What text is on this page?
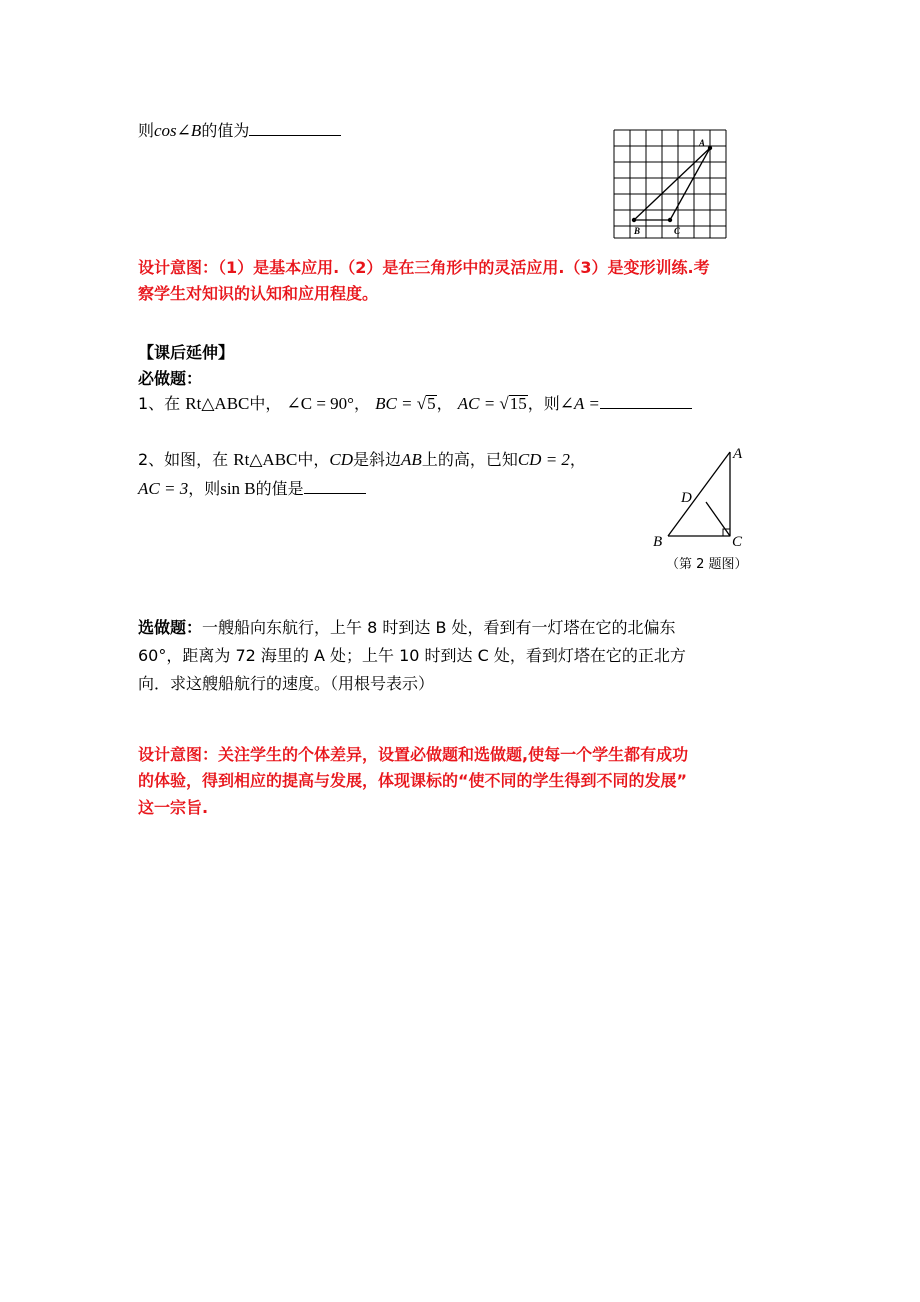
则cos∠B的值为
A
B	C
设计意图：（1）是基本应用.（2）是在三角形中的灵活应用.（3）是变形训练.考
察学生对知识的认知和应用程度。
【课后延伸】
必做题：
1、在 Rt△ABC中， ∠C = 90°， BC = √5， AC = √15，则∠A =
2、如图，在 Rt△ABC中，CD是斜边AB上的高，已知CD = 2，
AC = 3，则sin B的值是
A
D
B	C
（第 2 题图）
选做题：一艘船向东航行，上午 8 时到达 B 处，看到有一灯塔在它的北偏东
60°，距离为 72 海里的 A 处；上午 10 时到达 C 处，看到灯塔在它的正北方
向．求这艘船航行的速度。（用根号表示）
设计意图：关注学生的个体差异，设置必做题和选做题,使每一个学生都有成功
的体验，得到相应的提高与发展，体现课标的“使不同的学生得到不同的发展”
这一宗旨.
